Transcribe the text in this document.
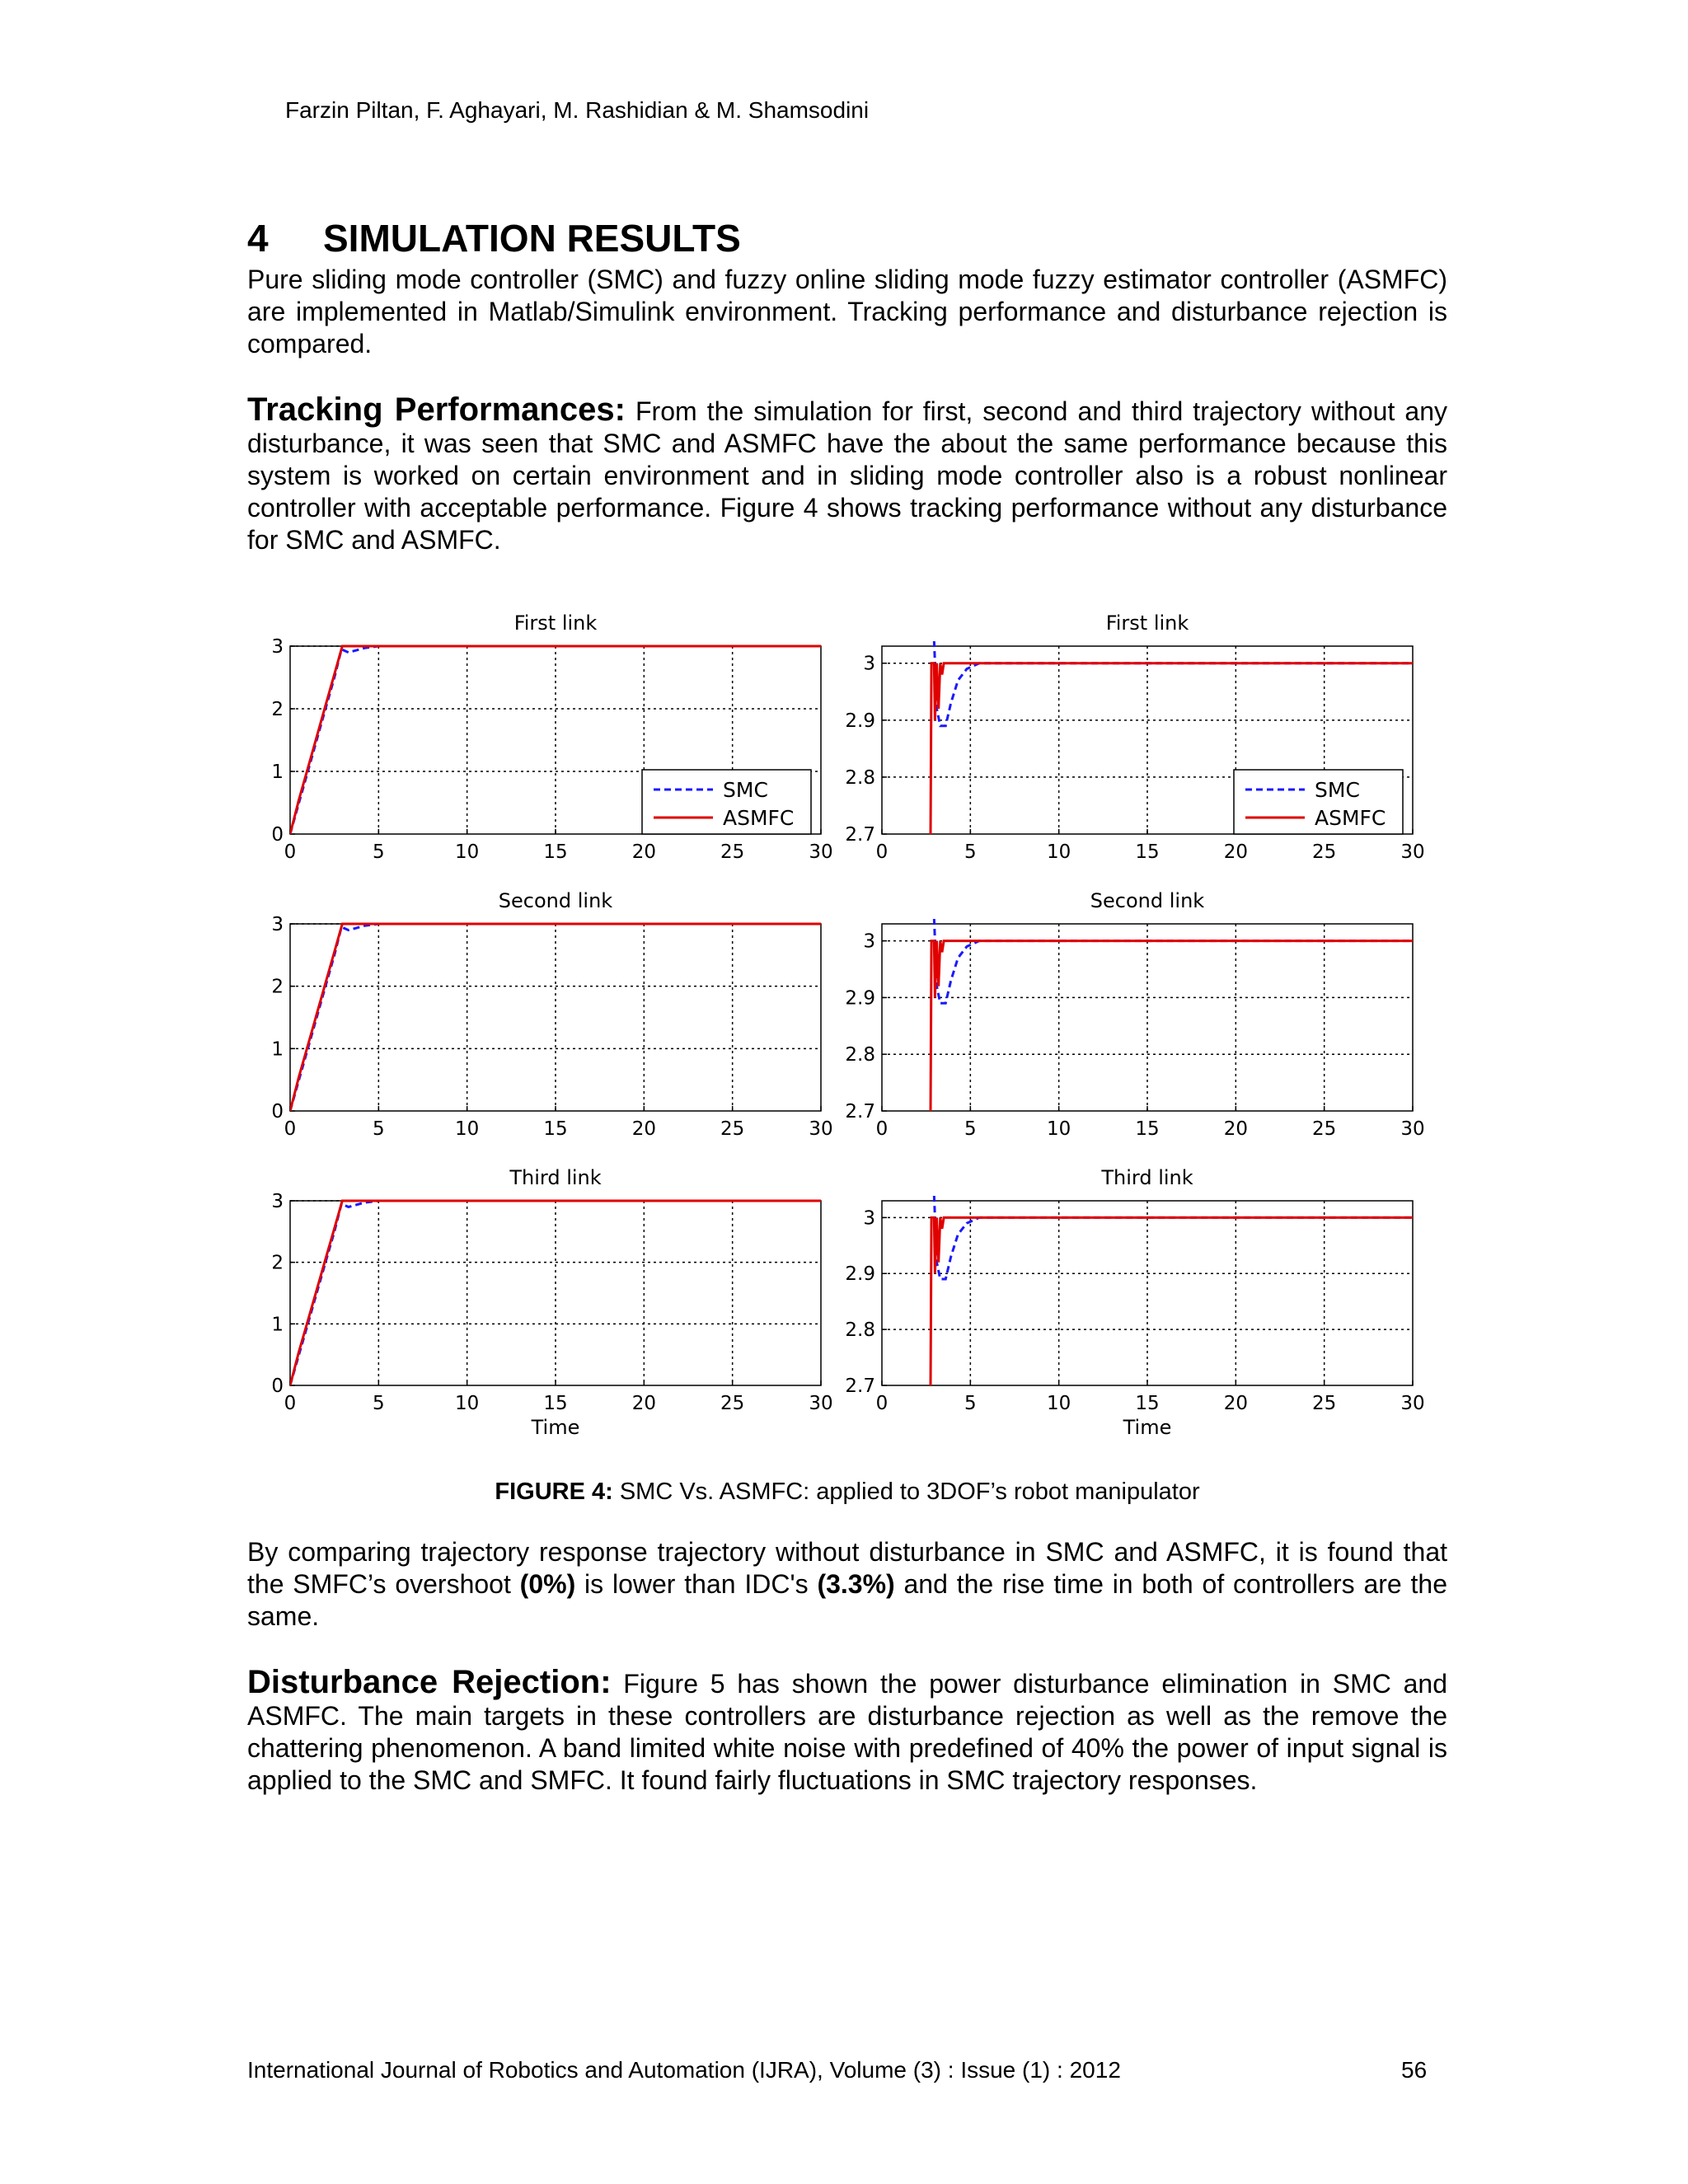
Farzin Piltan, F. Aghayari, M. Rashidian & M. Shamsodini
4 SIMULATION RESULTS
Pure sliding mode controller (SMC) and fuzzy online sliding mode fuzzy estimator controller (ASMFC) are implemented in Matlab/Simulink environment. Tracking performance and disturbance rejection is compared.
Tracking Performances: From the simulation for first, second and third trajectory without any disturbance, it was seen that SMC and ASMFC have the about the same performance because this system is worked on certain environment and in sliding mode controller also is a robust nonlinear controller with acceptable performance. Figure 4 shows tracking performance without any disturbance for SMC and ASMFC.
0	5	10	15	20	25	30
0
1
2
3
First link
SMC
ASMFC
0	5	10	15	20	25	30
2.7
2.8
2.9
3
First link
SMC
ASMFC
0	5	10	15	20	25	30
0
1
2
3
Second link
0	5	10	15	20	25	30
2.7
2.8
2.9
3
Second link
0	5	10	15	20	25	30
0
1
2
3
Third link
Time
0	5	10	15	20	25	30
2.7
2.8
2.9
3
Third link
Time
FIGURE 4: SMC Vs. ASMFC: applied to 3DOF’s robot manipulator
By comparing trajectory response trajectory without disturbance in SMC and ASMFC, it is found that the SMFC’s overshoot (0%) is lower than IDC's (3.3%) and the rise time in both of controllers are the same.
Disturbance Rejection: Figure 5 has shown the power disturbance elimination in SMC and ASMFC. The main targets in these controllers are disturbance rejection as well as the remove the chattering phenomenon. A band limited white noise with predefined of 40% the power of input signal is applied to the SMC and SMFC. It found fairly fluctuations in SMC trajectory responses.
International Journal of Robotics and Automation (IJRA), Volume (3) : Issue (1) : 2012	56
